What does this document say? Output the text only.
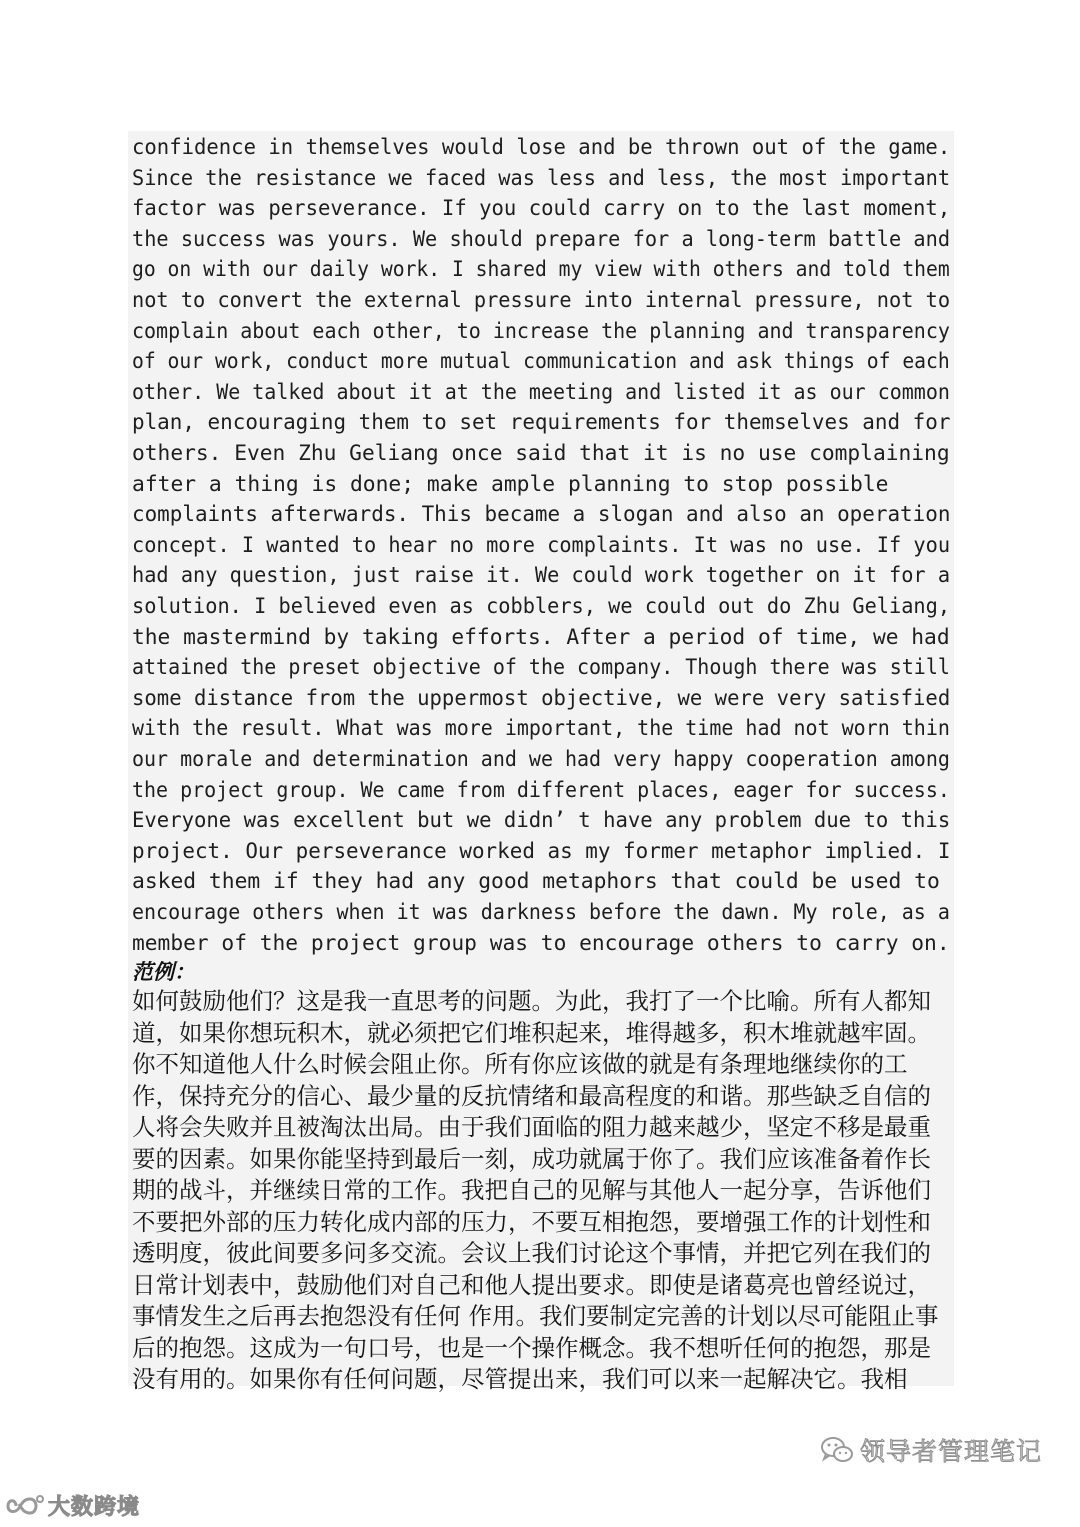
confidence in themselves would lose and be thrown out of the game.
Since the resistance we faced was less and less, the most important
factor was perseverance. If you could carry on to the last moment,
the success was yours. We should prepare for a long-term battle and
go on with our daily work. I shared my view with others and told them
not to convert the external pressure into internal pressure, not to
complain about each other, to increase the planning and transparency
of our work, conduct more mutual communication and ask things of each
other. We talked about it at the meeting and listed it as our common
plan, encouraging them to set requirements for themselves and for
others. Even Zhu Geliang once said that it is no use complaining
after a thing is done; make ample planning to stop possible
complaints afterwards. This became a slogan and also an operation
concept. I wanted to hear no more complaints. It was no use. If you
had any question, just raise it. We could work together on it for a
solution. I believed even as cobblers, we could out do Zhu Geliang,
the mastermind by taking efforts. After a period of time, we had
attained the preset objective of the company. Though there was still
some distance from the uppermost objective, we were very satisfied
with the result. What was more important, the time had not worn thin
our morale and determination and we had very happy cooperation among
the project group. We came from different places, eager for success.
Everyone was excellent but we didn’ t have any problem due to this
project. Our perseverance worked as my former metaphor implied. I
asked them if they had any good metaphors that could be used to
encourage others when it was darkness before the dawn. My role, as a
member of the project group was to encourage others to carry on.
范例：
如何鼓励他们？这是我一直思考的问题。为此，我打了一个比喻。所有人都知
道，如果你想玩积木，就必须把它们堆积起来，堆得越多，积木堆就越牢固。
你不知道他人什么时候会阻止你。所有你应该做的就是有条理地继续你的工
作，保持充分的信心、最少量的反抗情绪和最高程度的和谐。那些缺乏自信的
人将会失败并且被淘汰出局。由于我们面临的阻力越来越少，坚定不移是最重
要的因素。如果你能坚持到最后一刻，成功就属于你了。我们应该准备着作长
期的战斗，并继续日常的工作。我把自己的见解与其他人一起分享，告诉他们
不要把外部的压力转化成内部的压力，不要互相抱怨，要增强工作的计划性和
透明度，彼此间要多问多交流。会议上我们讨论这个事情，并把它列在我们的
日常计划表中，鼓励他们对自己和他人提出要求。即使是诸葛亮也曾经说过，
事情发生之后再去抱怨没有任何 作用。我们要制定完善的计划以尽可能阻止事
后的抱怨。这成为一句口号，也是一个操作概念。我不想听任何的抱怨，那是
没有用的。如果你有任何问题，尽管提出来，我们可以来一起解决它。我相
大数跨境
领导者管理笔记
